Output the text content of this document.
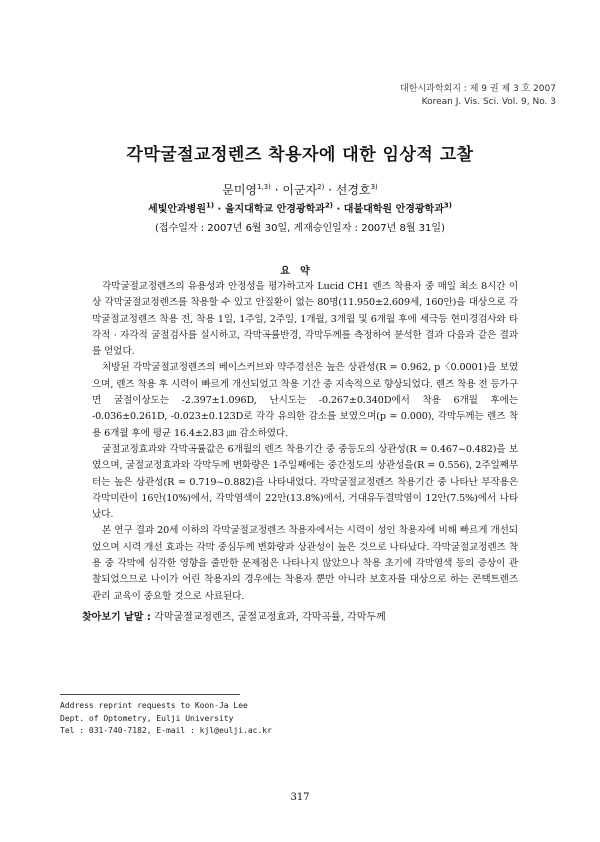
대한시과학회지 : 제 9 권 제 3 호 2007
Korean J. Vis. Sci. Vol. 9, No. 3
각막굴절교정렌즈 착용자에 대한 임상적 고찰
문미영$^{1,3)}$ · 이군자$^{2)}$ · 선경호$^{3)}$
세빛안과병원$^{1)}$ · 을지대학교 안경광학과$^{2)}$ · 대불대학원 안경광학과$^{3)}$
(접수일자 : 2007년 6월 30일, 게재승인일자 : 2007년 8월 31일)
요약

각막굴절교정렌즈의 유용성과 안정성을 평가하고자 Lucid CH1 렌즈 착용자 중 매일 최소 8시간 이상 각막굴절교정렌즈를 착용할 수 있고 안질환이 없는 80명(11.950±2.609세, 160안)을 대상으로 각막굴절교정렌즈 착용 전, 착용 1일, 1주일, 2주일, 1개월, 3개월 및 6개월 후에 세극등 현미경검사와 타각적 · 자각적 굴절검사를 실시하고, 각막곡률반경, 각막두께를 측정하여 분석한 결과 다음과 같은 결과를 얻었다.

처방된 각막굴절교정렌즈의 베이스커브와 약주경선은 높은 상관성(R = 0.962, p〈0.0001)을 보였으며, 렌즈 착용 후 시력이 빠르게 개선되었고 착용 기간 중 지속적으로 향상되었다. 렌즈 착용 전 등가구면 굴절이상도는 -2.397±1.096D, 난시도는 -0.267±0.340D에서 착용 6개월 후에는 -0.036±0.261D, -0.023±0.123D로 각각 유의한 감소를 보였으며(p = 0.000), 각막두께는 렌즈 착용 6개월 후에 평균 16.4±2.83 ㎛ 감소하였다.

굴절교정효과와 각막곡률값은 6개월의 렌즈 착용기간 중 중등도의 상관성(R = 0.467~0.482)을 보였으며, 굴절교정효과와 각막두께 변화량은 1주일째에는 중간정도의 상관성을(R = 0.556), 2주일째부터는 높은 상관성(R = 0.719~0.882)을 나타내었다. 각막굴절교정렌즈 착용기간 중 나타난 부작용은 각막미란이 16안(10%)에서, 각막염색이 22안(13.8%)에서, 거대유두결막염이 12안(7.5%)에서 나타났다.

본 연구 결과 20세 이하의 각막굴절교정렌즈 착용자에서는 시력이 성인 착용자에 비해 빠르게 개선되었으며 시력 개선 효과는 각막 중심두께 변화량과 상관성이 높은 것으로 나타났다. 각막굴절교정렌즈 착용 중 각막에 심각한 영향을 줄만한 문제점은 나타나지 않았으나 착용 초기에 각막염색 등의 증상이 관찰되었으므로 나이가 어린 착용자의 경우에는 착용자 뿐만 아니라 보호자를 대상으로 하는 콘택트렌즈 관리 교육이 중요할 것으로 사료된다.

찾아보기 낱말 : 각막굴절교정렌즈, 굴절교정효과, 각막곡률, 각막두께
Address reprint requests to Koon-Ja Lee
Dept. of Optometry, Eulji University
Tel : 031-740-7182, E-mail : kjl@eulji.ac.kr
317
